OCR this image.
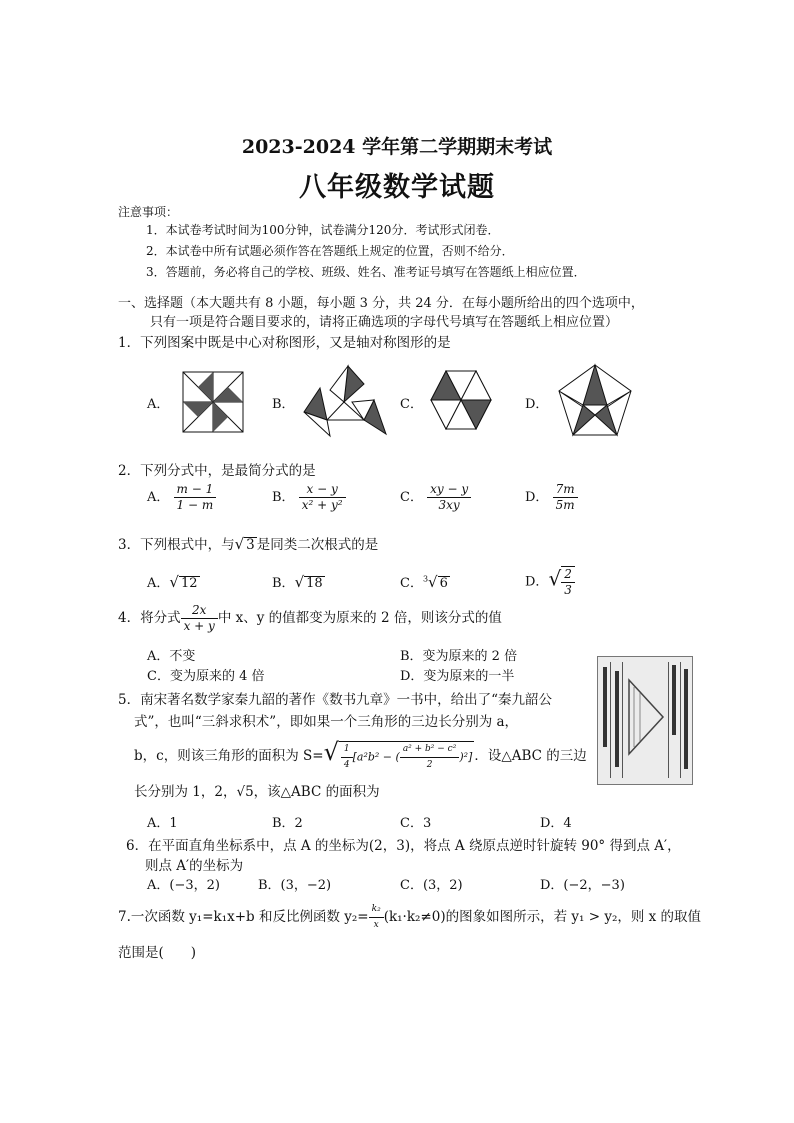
2023-2024 学年第二学期期末考试
八年级数学试题
注意事项：
1．本试卷考试时间为100分钟，试卷满分120分．考试形式闭卷．
2．本试卷中所有试题必须作答在答题纸上规定的位置，否则不给分．
3．答题前，务必将自己的学校、班级、姓名、准考证号填写在答题纸上相应位置．
一、选择题（本大题共有 8 小题，每小题 3 分，共 24 分．在每小题所给出的四个选项中，
只有一项是符合题目要求的，请将正确选项的字母代号填写在答题纸上相应位置）
1．下列图案中既是中心对称图形，又是轴对称图形的是
A．	B．	C．	D．
2．下列分式中，是最简分式的是
A． $\frac{m - 1}{1 - m}$	B． $\frac{x - y}{\text{x² + y²}}$	C． $\frac{xy - y}{3xy}$	D． $\frac{7m}{5m}$
3．下列根式中，与√ 3 是同类二次根式的是
A．√ 12	B．√ 18	C．$^3$√ 6	D．√ $\frac{2}{3}$
4．将分式 $\frac{2x}{x + y}$ 中 x、y 的值都变为原来的 2 倍，则该分式的值
A．不变	B．变为原来的 2 倍
C．变为原来的 4 倍	D．变为原来的一半
5．南宋著名数学家秦九韶的著作《数书九章》一书中，给出了“秦九韶公
式”，也叫“三斜求积术”，即如果一个三角形的三边长分别为 a，
b，c，则该三角形的面积为 $S=√ \frac{1}{4} [a^2b^2$ − ( $\frac{\text{a² + b² − c²}}{2} )^2$] ．设△ABC 的三边
长分别为 1，2，√5，该△ABC 的面积为
A．1	B．2	C．3	D．4
6．在平面直角坐标系中，点 A 的坐标为(2，3)，将点 A 绕原点逆时针旋转 90° 得到点 A′，
则点 A′的坐标为
A．(−3，2)	B．(3，−2)	C．(3，2)	D．(−2，−3)
7.一次函数 y₁=k₁x+b 和反比例函数 $y_2= \frac{\text{k₂}}{x} (k_1\cdot k_2\ne 0)$的图象如图所示，若 y₁ > y₂，则 x 的取值
范围是(　　)
